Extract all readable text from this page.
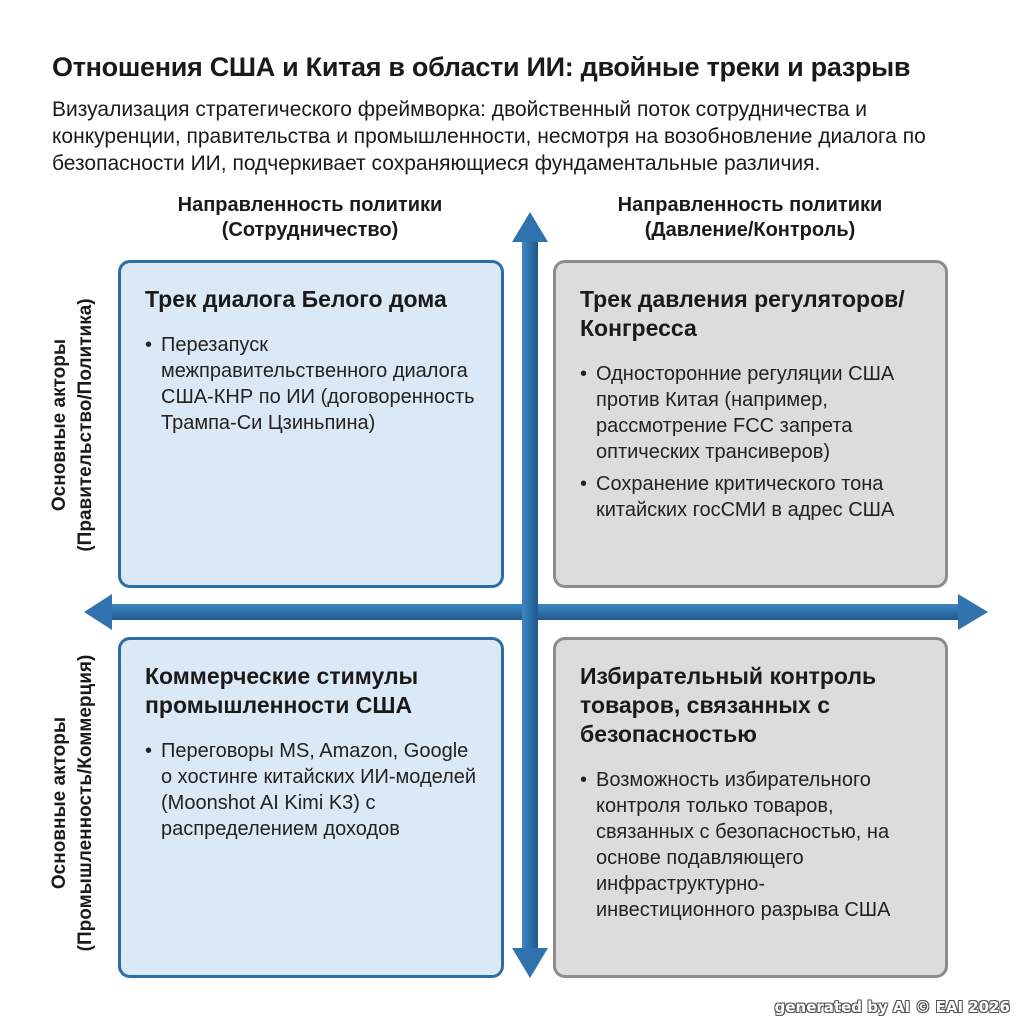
Отношения США и Китая в области ИИ: двойные треки и разрыв
Визуализация стратегического фреймворка: двойственный поток сотрудничества и конкуренции, правительства и промышленности, несмотря на возобновление диалога по безопасности ИИ, подчеркивает сохраняющиеся фундаментальные различия.
Направленность политики
(Сотрудничество)
Направленность политики
(Давление/Контроль)
Основные акторы (Правительство/Политика)
Основные акторы (Промышленность/Коммерция)
Трек диалога Белого дома
• Перезапуск межправительственного диалога США-КНР по ИИ (договоренность Трампа-Си Цзиньпина)
Трек давления регуляторов/Конгресса
• Односторонние регуляции США против Китая (например, рассмотрение FCC запрета оптических трансиверов)
• Сохранение критического тона китайских госСМИ в адрес США
Коммерческие стимулы промышленности США
• Переговоры MS, Amazon, Google о хостинге китайских ИИ-моделей (Moonshot AI Kimi K3) с распределением доходов
Избирательный контроль товаров, связанных с безопасностью
• Возможность избирательного контроля только товаров, связанных с безопасностью, на основе подавляющего инфраструктурно-инвестиционного разрыва США
generated by AI © EAI 2026
